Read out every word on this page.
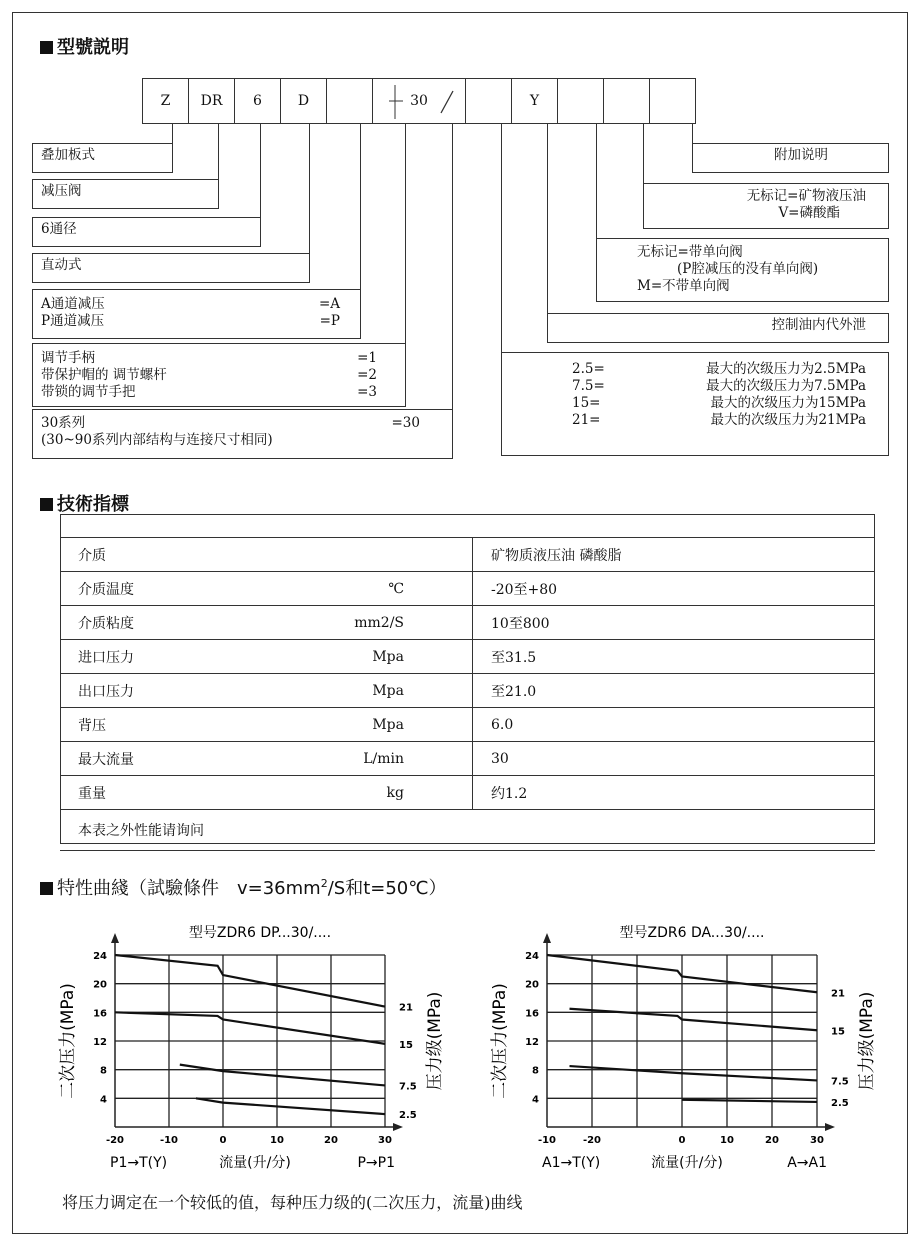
型號説明
Z	DR	6	D	30	Y
叠加板式
减压阀
6通径
直动式
A通道减压	=A
P通道减压	=P
调节手柄	=1
带保护帽的 调节螺杆	=2
带锁的调节手把	=3
30系列	=30
(30~90系列内部结构与连接尺寸相同)
附加说明
无标记=矿物液压油
V=磷酸酯
无标记=带单向阀
(P腔减压的没有单向阀)
M=不带单向阀
控制油内代外泄
2.5=	最大的次级压力为2.5MPa
7.5=	最大的次级压力为7.5MPa
15=	最大的次级压力为15MPa
21=	最大的次级压力为21MPa
技術指標

介质		矿物质液压油 磷酸脂
介质温度	℃	-20至+80
介质粘度	mm2/S	10至800
进口压力	Mpa	至31.5
出口压力	Mpa	至21.0
背压	Mpa	6.0
最大流量	L/min	30
重量	kg	约1.2
本表之外性能请询问		
特性曲綫（試驗條件　$v=36mm^2/S$和t=50℃）
型号ZDR6 DP...30/....
4
8
12
16
20
24
-20	-10	0	10	20	30
21
15
7.5
2.5
二次压力(MPa)	压力级(MPa)
P1→T(Y)	流量(升/分)	P→P1
型号ZDR6 DA...30/....
4
8
12
16
20
24
-10	-20	0	10	20	30
21
15
7.5
2.5
二次压力(MPa)	压力级(MPa)
A1→T(Y)	流量(升/分)	A→A1
将压力调定在一个较低的值，每种压力级的(二次压力，流量)曲线
